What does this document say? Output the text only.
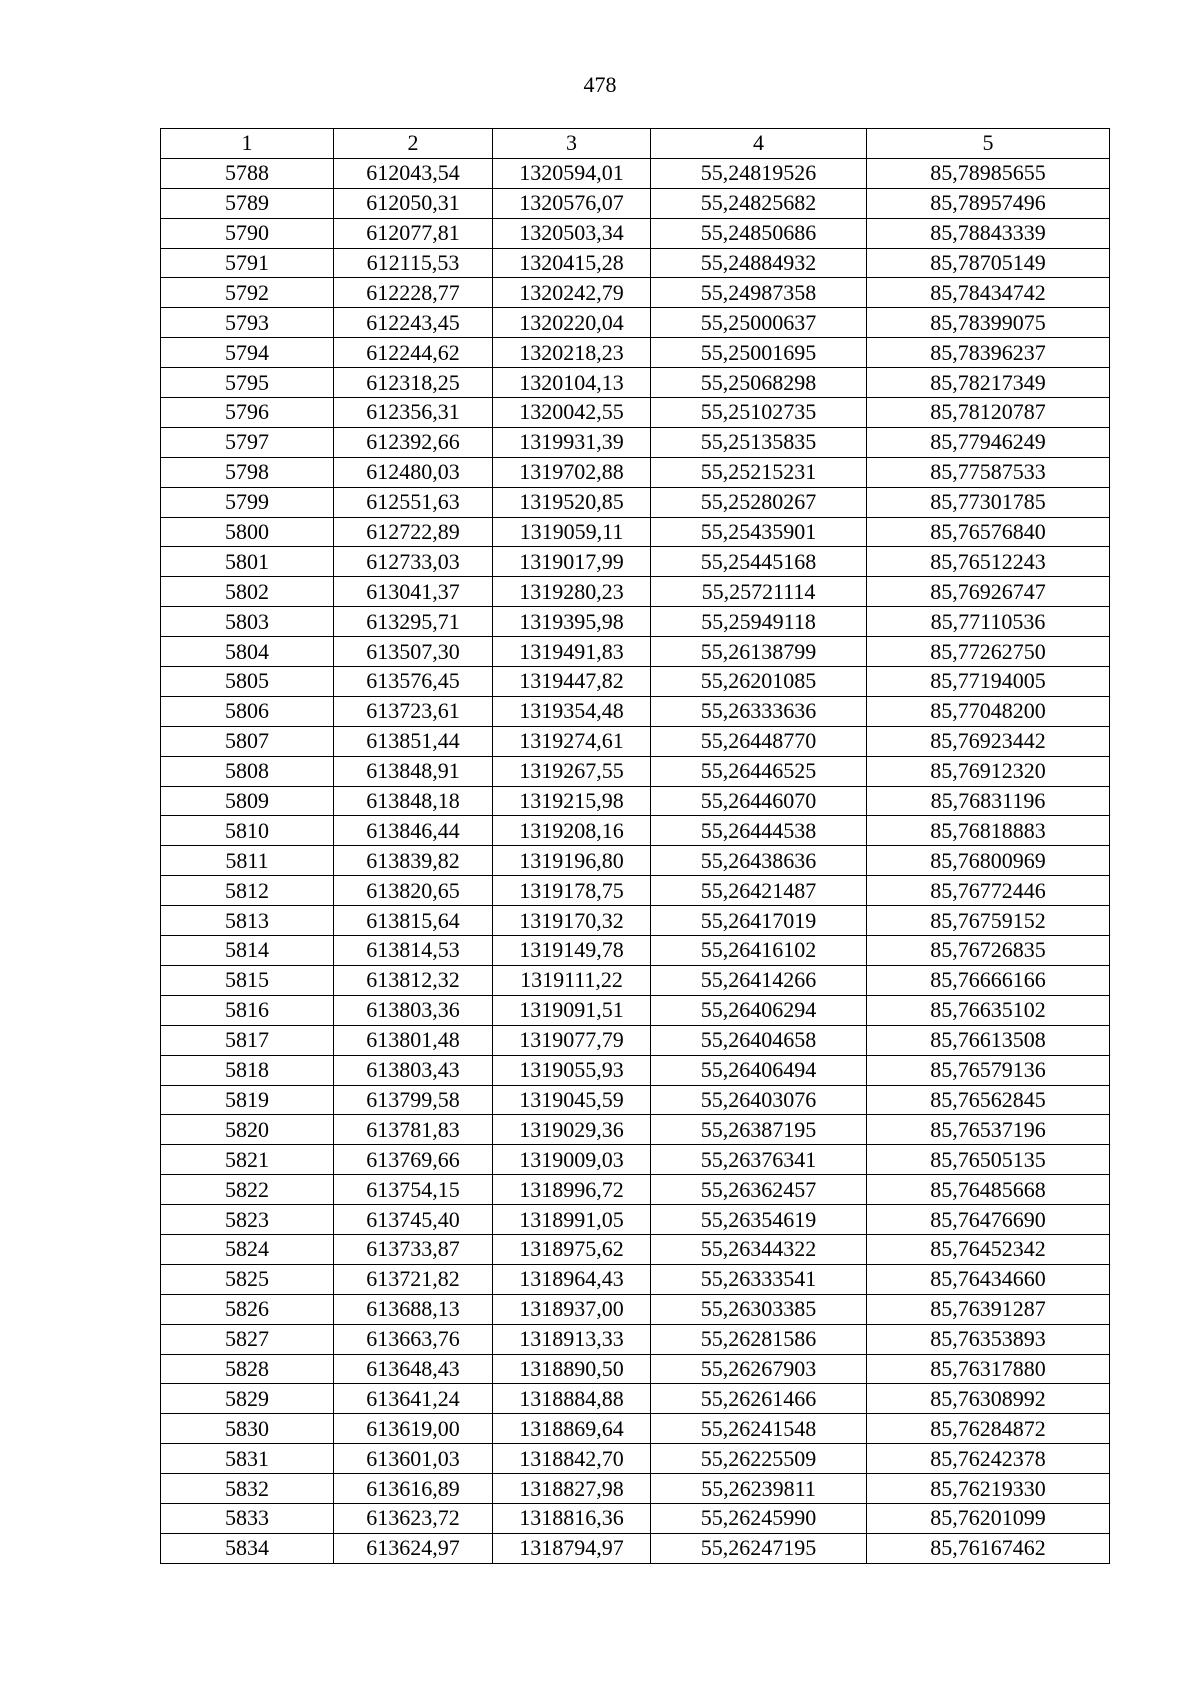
478
1	2	3	4	5
5788	612043,54	1320594,01	55,24819526	85,78985655
5789	612050,31	1320576,07	55,24825682	85,78957496
5790	612077,81	1320503,34	55,24850686	85,78843339
5791	612115,53	1320415,28	55,24884932	85,78705149
5792	612228,77	1320242,79	55,24987358	85,78434742
5793	612243,45	1320220,04	55,25000637	85,78399075
5794	612244,62	1320218,23	55,25001695	85,78396237
5795	612318,25	1320104,13	55,25068298	85,78217349
5796	612356,31	1320042,55	55,25102735	85,78120787
5797	612392,66	1319931,39	55,25135835	85,77946249
5798	612480,03	1319702,88	55,25215231	85,77587533
5799	612551,63	1319520,85	55,25280267	85,77301785
5800	612722,89	1319059,11	55,25435901	85,76576840
5801	612733,03	1319017,99	55,25445168	85,76512243
5802	613041,37	1319280,23	55,25721114	85,76926747
5803	613295,71	1319395,98	55,25949118	85,77110536
5804	613507,30	1319491,83	55,26138799	85,77262750
5805	613576,45	1319447,82	55,26201085	85,77194005
5806	613723,61	1319354,48	55,26333636	85,77048200
5807	613851,44	1319274,61	55,26448770	85,76923442
5808	613848,91	1319267,55	55,26446525	85,76912320
5809	613848,18	1319215,98	55,26446070	85,76831196
5810	613846,44	1319208,16	55,26444538	85,76818883
5811	613839,82	1319196,80	55,26438636	85,76800969
5812	613820,65	1319178,75	55,26421487	85,76772446
5813	613815,64	1319170,32	55,26417019	85,76759152
5814	613814,53	1319149,78	55,26416102	85,76726835
5815	613812,32	1319111,22	55,26414266	85,76666166
5816	613803,36	1319091,51	55,26406294	85,76635102
5817	613801,48	1319077,79	55,26404658	85,76613508
5818	613803,43	1319055,93	55,26406494	85,76579136
5819	613799,58	1319045,59	55,26403076	85,76562845
5820	613781,83	1319029,36	55,26387195	85,76537196
5821	613769,66	1319009,03	55,26376341	85,76505135
5822	613754,15	1318996,72	55,26362457	85,76485668
5823	613745,40	1318991,05	55,26354619	85,76476690
5824	613733,87	1318975,62	55,26344322	85,76452342
5825	613721,82	1318964,43	55,26333541	85,76434660
5826	613688,13	1318937,00	55,26303385	85,76391287
5827	613663,76	1318913,33	55,26281586	85,76353893
5828	613648,43	1318890,50	55,26267903	85,76317880
5829	613641,24	1318884,88	55,26261466	85,76308992
5830	613619,00	1318869,64	55,26241548	85,76284872
5831	613601,03	1318842,70	55,26225509	85,76242378
5832	613616,89	1318827,98	55,26239811	85,76219330
5833	613623,72	1318816,36	55,26245990	85,76201099
5834	613624,97	1318794,97	55,26247195	85,76167462
